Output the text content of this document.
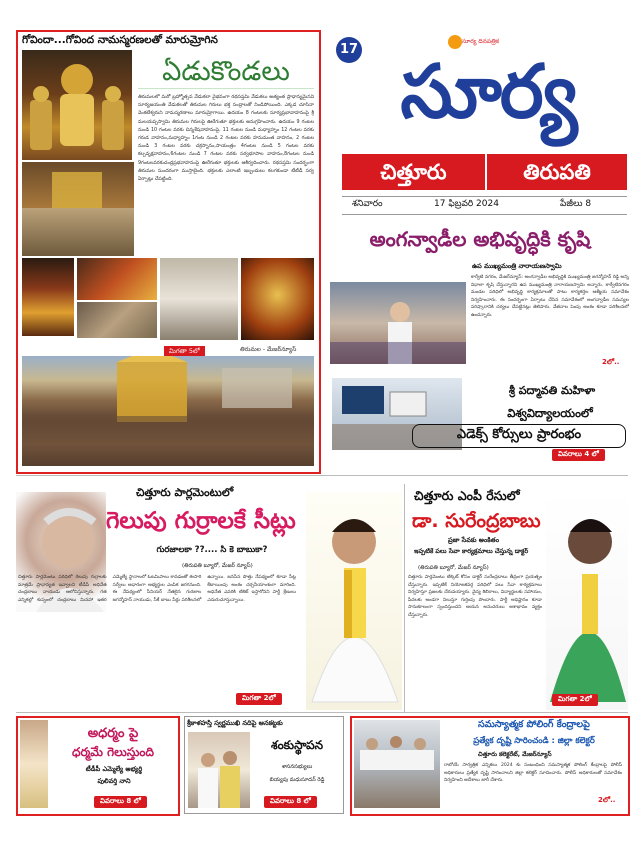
గోవిందా...గోవింద నామస్మరణలతో మారుమ్రోగిన
ఏడుకొండలు
తిరుమలలో మరో బ్రహ్మోత్సవ వేడుకలా వైభవంగా రథసప్తమి వేడుకలు అత్యంత ప్రాధాన్యమైనవి సూర్యజయంతి వేడుకలతో తిరుమల గిరులు భక్త సంద్రాలతో నిండిపోయింది. ఎక్కడ చూసినా వెంకటేశ్వరుని నామస్మరణాలు మారుమ్రోగాయి. ఉదయం 8 గంటలకు సూర్యప్రభావాహనంపై శ్రీ మలయప్పస్వామి తిరుమల గిరులపై ఊరేగుతూ భక్తులకు అనుగ్రహించారు. ఉదయం 9 గంటల నుండి 10 గంటల వరకు చిన్నశేషవాహనంపై, 11 గంటల నుండి మధ్యాహ్నం 12 గంటల వరకు గరుడ వాహనం,మధ్యాహ్నం 1గంట నుండి 2 గంటల వరకు హనుమంత వాహనం, 2 గంటల నుండి 3 గంటల వరకు చక్రస్నానం,సాయంత్రం 4గంటల నుండి 5 గంటల వరకు కల్పవృక్షవాహనం,6గంటల నుండి 7 గంటల వరకు సర్వభూపాల వాహనం,8గంటల నుండి 9గంటలవరకుచంద్రప్రభవాహనంపై ఊరేగుతూ భక్తులకు ఆశీర్వదించారు. రథసప్తమి సందర్భంగా తిరుమల సుందరంగా ముస్తాబైంది. భక్తులకు ఎలాంటి ఇబ్బందులు కలగకుండా టీటీడీ సర్వ ఏర్పాట్లు చేపట్టింది.
మిగతా 5లో	తిరుమల - మేజర్‌న్యూస్
17
సూర్య దినపత్రిక
సూర్య
చిత్తూరు	తిరుపతి
శనివారం	17 ఫిబ్రవరి 2024	పేజీలు 8
అంగన్వాడీల అభివృద్ధికి కృషి
ఉప ముఖ్యమంత్రి నారాయణస్వామి
కార్వేటి నగరం, మేజర్‌న్యూస్: అంగన్వాడీల అభివృద్ధికి ముఖ్యమంత్రి జగన్మోహన్ రెడ్డి అన్ని విధాలా కృషి చేస్తున్నారని ఉప ముఖ్యమంత్రి నారాయణస్వామి అన్నారు. కార్వేటినగరం మండల పరిధిలో అభివృద్ధి కార్యక్రమాలతో పాటు కార్యకర్తల ఆత్మీయ సమావేశం నిర్వహించారు. ఈ సందర్భంగా ఏర్పాటు చేసిన సమావేశంలో అంగన్వాడీల సమస్యల పరిష్కారానికి చర్యలు చేపట్టినట్లు తెలిపారు. వేతనాల పెంపు అంశం కూడా పరిశీలనలో ఉందన్నారు.
2లో..
శ్రీ పద్మావతి మహిళా
విశ్వవిద్యాలయంలో
ఎడెక్స్ కోర్సులు ప్రారంభం
వివరాలు 4 లో
చిత్తూరు పార్లమెంటులో
గెలుపు గుర్రాలకే సీట్లు
గురజాలకా ??.... సి కె బాబుకా?
(తిరుపతి బ్యూరో, మేజర్ న్యూస్)
చిత్తూరు పార్లమెంటు పరిధిలో గెలుపు గుర్రాలకు మాత్రమే ప్రాధాన్యత ఇవ్వాలని టీడీపీ అధినేత చంద్రబాబు నాయుడు ఆలోచిస్తున్నారు. గత ఎన్నికల్లో కుప్పంలో చంద్రబాబు మినహా ఇతర ఎమ్మెల్యే స్థానాలలో ఓటమిపాలు కావడంతో ఈసారి సర్వేలు ఆధారంగా అభ్యర్థుల ఎంపిక జరగనుంది. ఈ నేపథ్యంలో సీనియర్ నేతలైన గురజాల జగన్మోహన్ నాయుడు, సీకే బాబు పేర్లు పరిశీలనలో ఉన్నాయి. జనసేన పొత్తు నేపథ్యంలో కూడా సీట్ల కేటాయింపు అంశం చర్చనీయాంశంగా మారింది. అధినేత ఎవరికి టికెట్ ఇస్తారోనని పార్టీ శ్రేణులు ఎదురుచూస్తున్నాయి.
మిగతా 2లో
చిత్తూరు ఎంపీ రేసులో
డా. సురేంద్రబాబు
ప్రజా సేవకు అంకితం
ఇప్పటికే పలు సేవా కార్యక్రమాలు చేస్తున్న డాక్టర్
(తిరుపతి బ్యూరో, మేజర్ న్యూస్)
చిత్తూరు పార్లమెంటు టిక్కెట్ కోసం డాక్టర్ సురేంద్రబాబు తీవ్రంగా ప్రయత్నం చేస్తున్నారు. ఇప్పటికే నియోజకవర్గ పరిధిలో పలు సేవా కార్యక్రమాలు నిర్వహిస్తూ ప్రజలకు చేరువయ్యారు. వైద్య శిబిరాలు, విద్యార్థులకు సహాయం, పేదలకు అండగా నిలుస్తూ గుర్తింపు పొందారు. పార్టీ అధిష్టానం కూడా సానుకూలంగా స్పందిస్తుందని ఆయన అనుచరులు ఆశాభావం వ్యక్తం చేస్తున్నారు.
మిగతా 2లో
అధర్మం పై
ధర్మమే గెలుస్తుంది
టీడీపీ ఎమ్మెల్యే అభ్యర్థి
పులివర్తి నాని
వివరాలు 8 లో
శ్రీకాళహస్తి స్వర్ణముఖి నదిపై ఆనకట్టకు
శంకుస్థాపన
శాసనసభ్యులు
బియ్యపు మధుసూదన్ రెడ్డి
వివరాలు 8 లో
సమస్యాత్మక పోలింగ్ కేంద్రాలపై
ప్రత్యేక దృష్టి సారించండి : జిల్లా కలెక్టర్
చిత్తూరు కలెక్టరేట్, మేజర్‌న్యూస్
రాబోయే సార్వత్రిక ఎన్నికలు 2024 కు సంబంధించి సమస్యాత్మక పోలింగ్ కేంద్రాలపై పోలీస్ అధికారులు ప్రత్యేక దృష్టి సారించాలని జిల్లా కలెక్టర్ సూచించారు. పోలీస్ అధికారులతో సమావేశం నిర్వహించి ఆదేశాలు జారీ చేశారు.
2లో..
